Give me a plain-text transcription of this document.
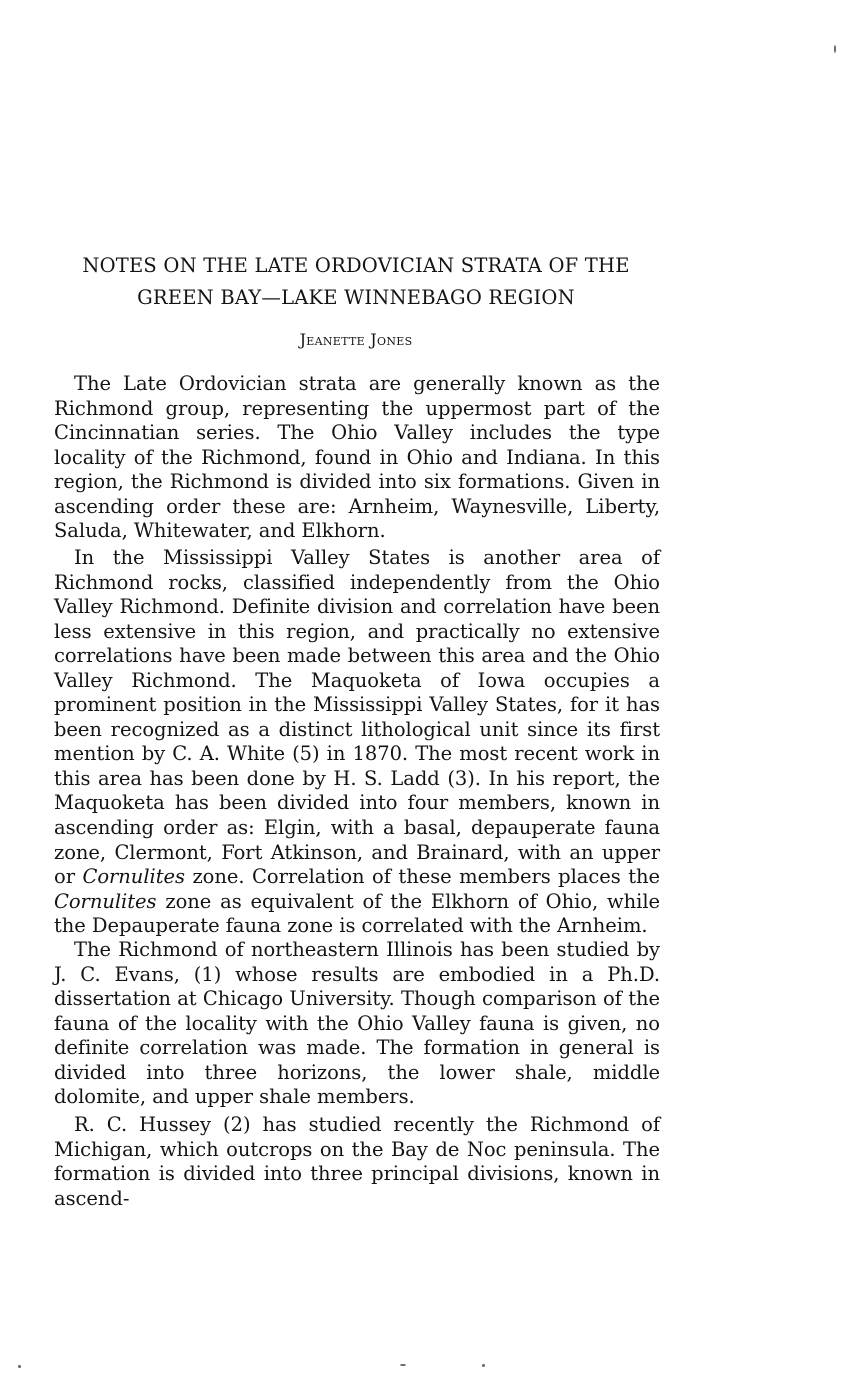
NOTES ON THE LATE ORDOVICIAN STRATA OF THE
GREEN BAY—LAKE WINNEBAGO REGION
Jeanette Jones

The Late Ordovician strata are generally known as the Richmond group, representing the uppermost part of the Cincinnatian series. The Ohio Valley includes the type locality of the Richmond, found in Ohio and Indiana. In this region, the Richmond is divided into six formations. Given in ascending order these are: Arnheim, Waynesville, Liberty, Saluda, Whitewater, and Elkhorn.

In the Mississippi Valley States is another area of Richmond rocks, classified independently from the Ohio Valley Richmond. Definite division and correlation have been less extensive in this region, and practically no extensive correlations have been made between this area and the Ohio Valley Richmond. The Maquoketa of Iowa occupies a prominent position in the Mississippi Valley States, for it has been recognized as a distinct lithological unit since its first mention by C. A. White (5) in 1870. The most recent work in this area has been done by H. S. Ladd (3). In his report, the Maquoketa has been divided into four members, known in ascending order as: Elgin, with a basal, depauperate fauna zone, Clermont, Fort Atkinson, and Brainard, with an upper or Cornulites zone. Correlation of these members places the Cornulites zone as equivalent of the Elkhorn of Ohio, while the Depauperate fauna zone is correlated with the Arnheim.

The Richmond of northeastern Illinois has been studied by J. C. Evans, (1) whose results are embodied in a Ph.D. dissertation at Chicago University. Though comparison of the fauna of the locality with the Ohio Valley fauna is given, no definite correlation was made. The formation in general is divided into three horizons, the lower shale, middle dolomite, and upper shale members.

R. C. Hussey (2) has studied recently the Richmond of Michigan, which outcrops on the Bay de Noc peninsula. The formation is divided into three principal divisions, known in ascend-
